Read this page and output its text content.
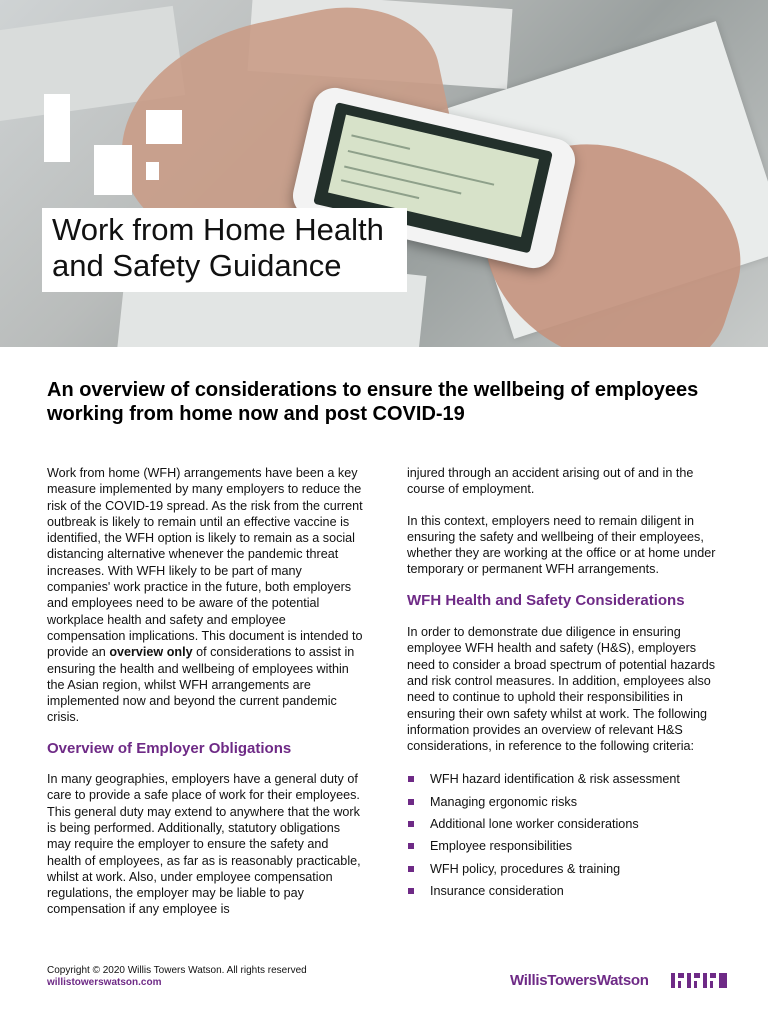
Work from Home Health
and Safety Guidance
An overview of considerations to ensure the wellbeing of employees working from home now and post COVID-19

Work from home (WFH) arrangements have been a key measure implemented by many employers to reduce the risk of the COVID-19 spread. As the risk from the current outbreak is likely to remain until an effective vaccine is identified, the WFH option is likely to remain as a social distancing alternative whenever the pandemic threat increases. With WFH likely to be part of many companies' work practice in the future, both employers and employees need to be aware of the potential workplace health and safety and employee compensation implications. This document is intended to provide an overview only of considerations to assist in ensuring the health and wellbeing of employees within the Asian region, whilst WFH arrangements are implemented now and beyond the current pandemic crisis.

Overview of Employer Obligations

In many geographies, employers have a general duty of care to provide a safe place of work for their employees. This general duty may extend to anywhere that the work is being performed. Additionally, statutory obligations may require the employer to ensure the safety and health of employees, as far as is reasonably practicable, whilst at work. Also, under employee compensation regulations, the employer may be liable to pay compensation if any employee is

injured through an accident arising out of and in the course of employment.

In this context, employers need to remain diligent in ensuring the safety and wellbeing of their employees, whether they are working at the office or at home under temporary or permanent WFH arrangements.

WFH Health and Safety Considerations

In order to demonstrate due diligence in ensuring employee WFH health and safety (H&S), employers need to consider a broad spectrum of potential hazards and risk control measures. In addition, employees also need to continue to uphold their responsibilities in ensuring their own safety whilst at work. The following information provides an overview of relevant H&S considerations, in reference to the following criteria:

WFH hazard identification & risk assessment
Managing ergonomic risks
Additional lone worker considerations
Employee responsibilities
WFH policy, procedures & training
Insurance consideration
Copyright © 2020 Willis Towers Watson. All rights reserved
willistowerswatson.com	WillisTowersWatson
